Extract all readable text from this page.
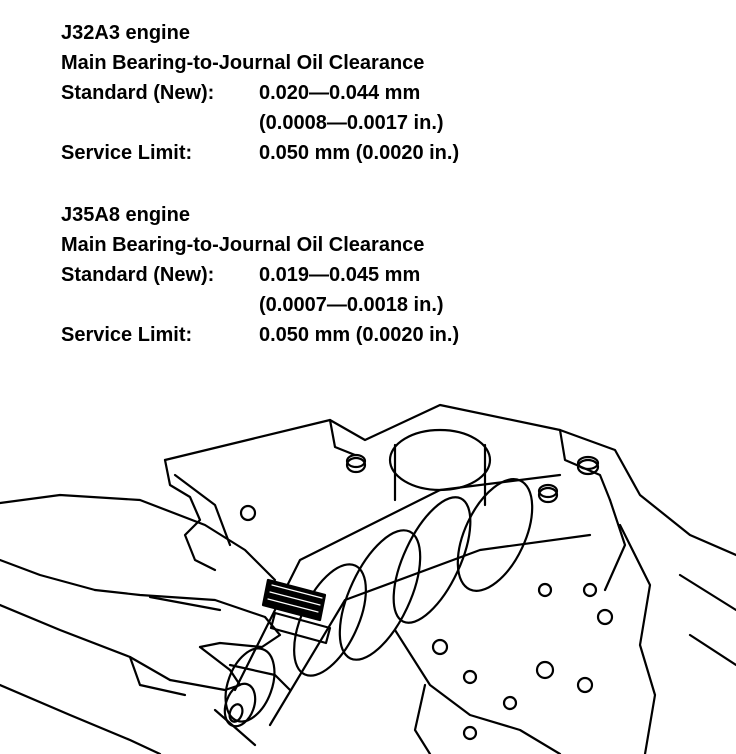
J32A3 engine
Main Bearing-to-Journal Oil Clearance
Standard (New): 0.020—0.044 mm
(0.0008—0.0017 in.)
Service Limit:	0.050 mm (0.0020 in.)
J35A8 engine
Main Bearing-to-Journal Oil Clearance
Standard (New): 0.019—0.045 mm
(0.0007—0.0018 in.)
Service Limit:	0.050 mm (0.0020 in.)
